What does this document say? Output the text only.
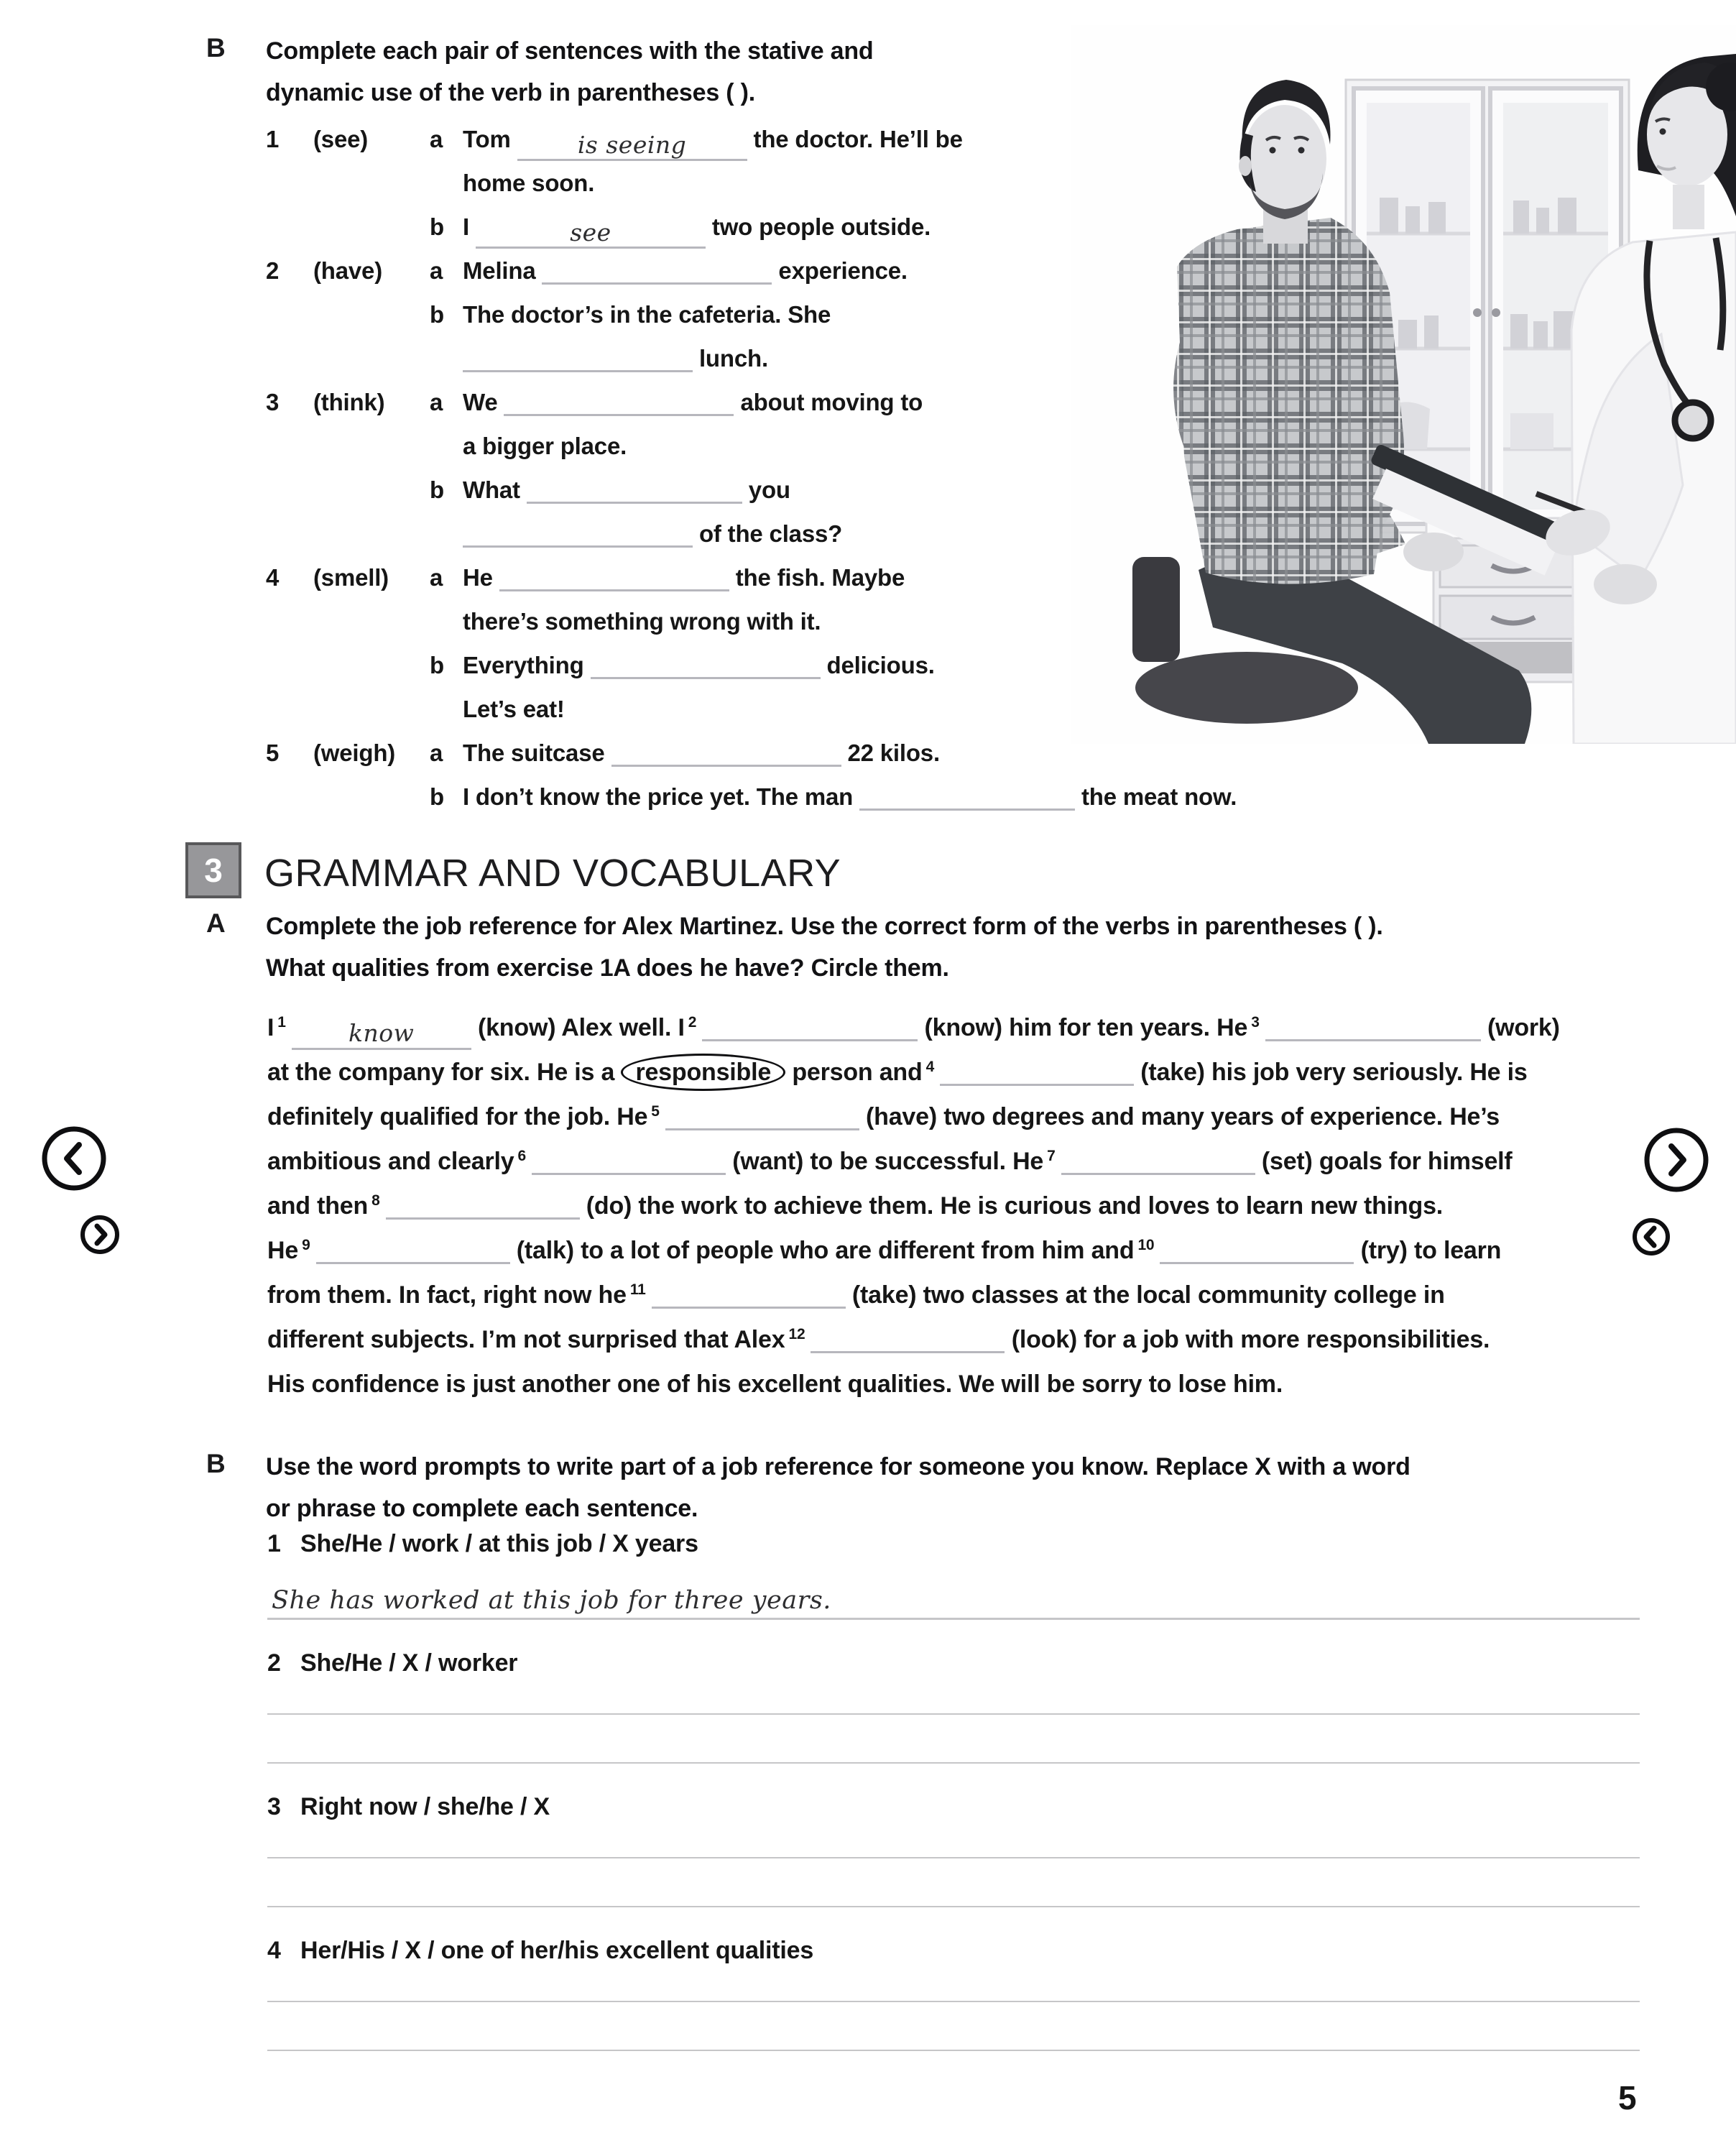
B Complete each pair of sentences with the stative and
dynamic use of the verb in parentheses ( ).
1	(see)	a Tom	is seeing	the doctor. He’ll be
home soon.
b I	see	two people outside.
2	(have)	a Melina	experience.
b The doctor’s in the cafeteria. She
lunch.
3	(think)	a We	about moving to
a bigger place.
b What	you
of the class?
4	(smell)	a He	the fish. Maybe
there’s something wrong with it.
b Everything	delicious.
Let’s eat!
5	(weigh)	a The suitcase	22 kilos.
b I don’t know the price yet. The man	the meat now.
3 GRAMMAR AND VOCABULARY
A Complete the job reference for Alex Martinez. Use the correct form of the verbs in parentheses ( ).
What qualities from exercise 1A does he have? Circle them.
I $^1$	know (know) Alex well. I $^2$	(know) him for ten years. He $^3$	(work)
at the company for six. He is a responsible person and $^4$	(take) his job very seriously. He is
definitely qualified for the job. He $^5$	(have) two degrees and many years of experience. He’s
ambitious and clearly $^6$	(want) to be successful. He $^7$	(set) goals for himself
and then $^8$	(do) the work to achieve them. He is curious and loves to learn new things.
He $^9$	(talk) to a lot of people who are different from him and $^{10}$	(try) to learn
from them. In fact, right now he $^{11}$	(take) two classes at the local community college in
different subjects. I’m not surprised that Alex $^{12}$	(look) for a job with more responsibilities.
His confidence is just another one of his excellent qualities. We will be sorry to lose him.
B Use the word prompts to write part of a job reference for someone you know. Replace X with a word
or phrase to complete each sentence.
1 She/He / work / at this job / X years
She has worked at this job for three years.
2 She/He / X / worker
3 Right now / she/he / X
4 Her/His / X / one of her/his excellent qualities
5
